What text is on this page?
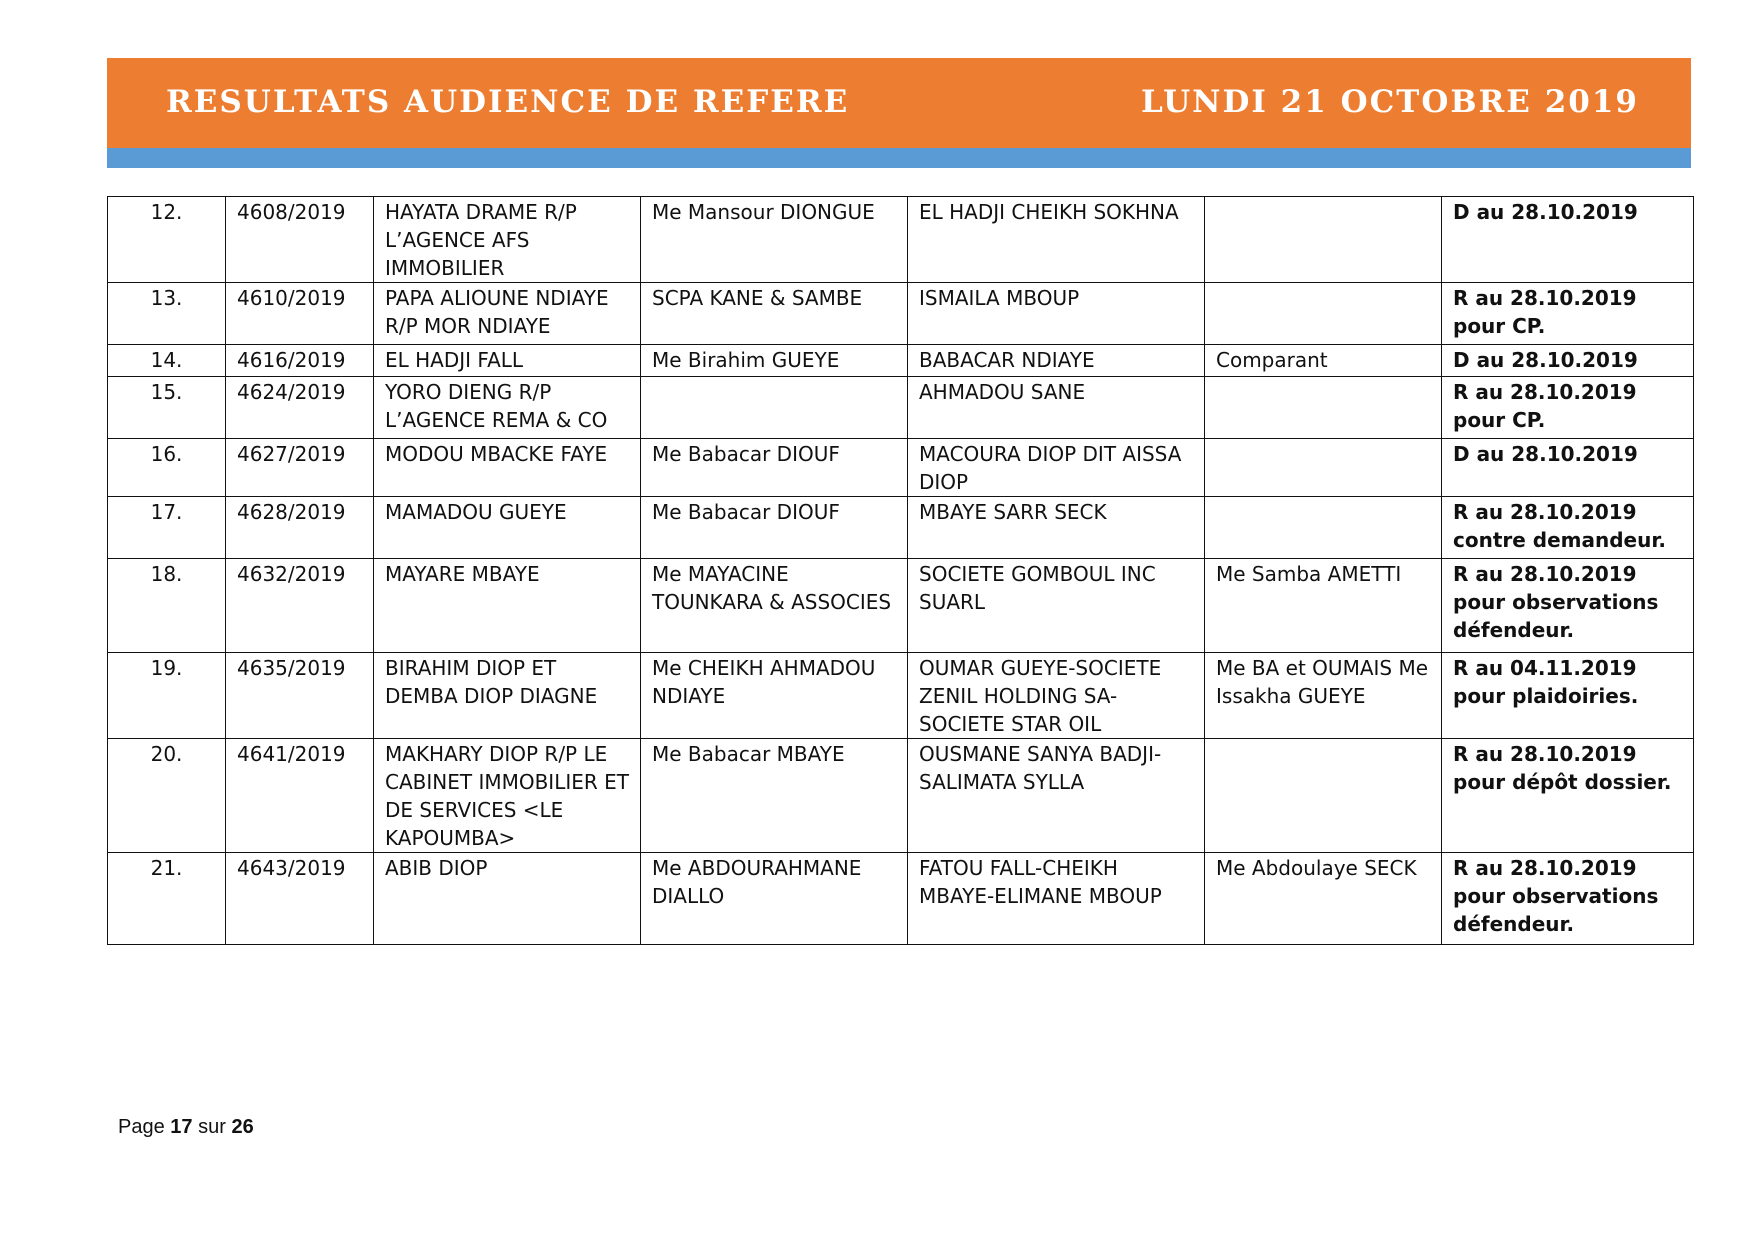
RESULTATS AUDIENCE DE REFERE	LUNDI 21 OCTOBRE 2019
12.	4608/2019	HAYATA DRAME R/P L’AGENCE AFS IMMOBILIER	Me Mansour DIONGUE	EL HADJI CHEIKH SOKHNA		D au 28.10.2019
13.	4610/2019	PAPA ALIOUNE NDIAYE R/P MOR NDIAYE	SCPA KANE & SAMBE	ISMAILA MBOUP		R au 28.10.2019 pour CP.
14.	4616/2019	EL HADJI FALL	Me Birahim GUEYE	BABACAR NDIAYE	Comparant	D au 28.10.2019
15.	4624/2019	YORO DIENG R/P L’AGENCE REMA & CO		AHMADOU SANE		R au 28.10.2019 pour CP.
16.	4627/2019	MODOU MBACKE FAYE	Me Babacar DIOUF	MACOURA DIOP DIT AISSA DIOP		D au 28.10.2019
17.	4628/2019	MAMADOU GUEYE	Me Babacar DIOUF	MBAYE SARR SECK		R au 28.10.2019 contre demandeur.
18.	4632/2019	MAYARE MBAYE	Me MAYACINE TOUNKARA & ASSOCIES	SOCIETE GOMBOUL INC SUARL	Me Samba AMETTI	R au 28.10.2019 pour observations défendeur.
19.	4635/2019	BIRAHIM DIOP ET DEMBA DIOP DIAGNE	Me CHEIKH AHMADOU NDIAYE	OUMAR GUEYE-SOCIETE ZENIL HOLDING SA-SOCIETE STAR OIL	Me BA et OUMAIS Me Issakha GUEYE	R au 04.11.2019 pour plaidoiries.
20.	4641/2019	MAKHARY DIOP R/P LE CABINET IMMOBILIER ET DE SERVICES <LE KAPOUMBA>	Me Babacar MBAYE	OUSMANE SANYA BADJI-SALIMATA SYLLA		R au 28.10.2019 pour dépôt dossier.
21.	4643/2019	ABIB DIOP	Me ABDOURAHMANE DIALLO	FATOU FALL-CHEIKH MBAYE-ELIMANE MBOUP	Me Abdoulaye SECK	R au 28.10.2019 pour observations défendeur.
Page 17 sur 26
